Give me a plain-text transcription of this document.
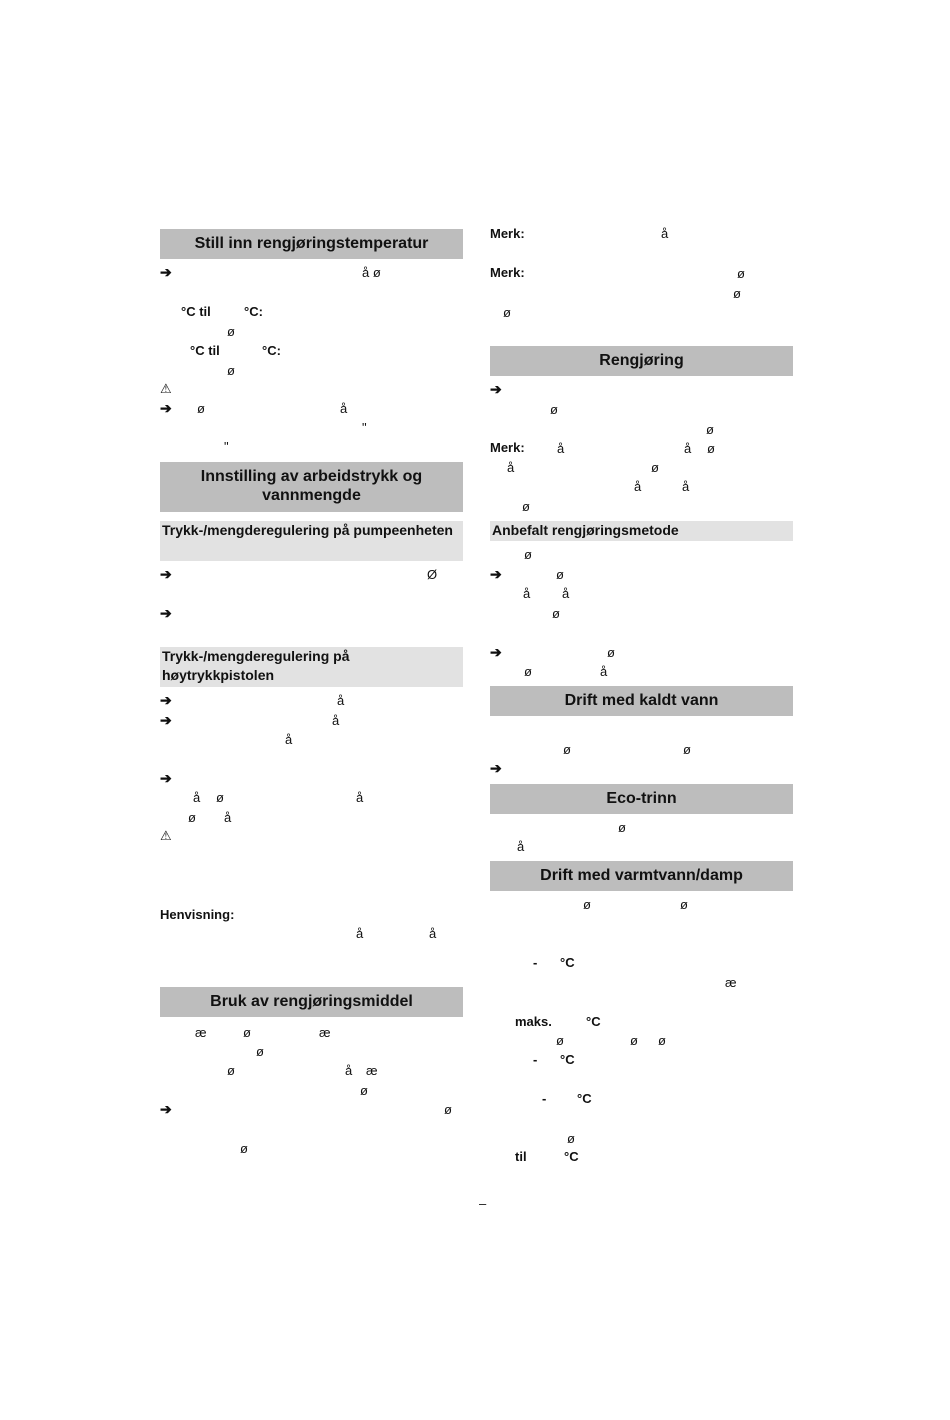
Still inn rengjøringstemperatur
➔	å ø
°C til	°C:
ø
°C til	°C:
ø
⚠
➔ ø	å
"
"
Innstilling av arbeidstrykk og vannmengde
Trykk-/mengderegulering på pumpeenheten
➔	Ø
➔
Trykk-/mengderegulering på høytrykkpistolen
➔	å
➔	å
å
➔
å ø	å
ø å
⚠
Henvisning:
å	å
Bruk av rengjøringsmiddel
æ	ø	æ
ø
ø	å æ
ø
➔	ø
ø
Merk:	å
Merk:	ø
ø
ø
Rengjøring
➔
ø
ø
Merk: å	å ø
å	ø
å	å
ø
Anbefalt rengjøringsmetode
ø
➔	ø
å å
ø
➔	ø
ø	å
Drift med kaldt vann
ø	ø
➔
Eco-trinn
ø
å
Drift med varmtvann/damp
ø	ø
- °C
æ
maks.	°C
ø	ø ø
- °C
- °C
ø
til	°C
–
